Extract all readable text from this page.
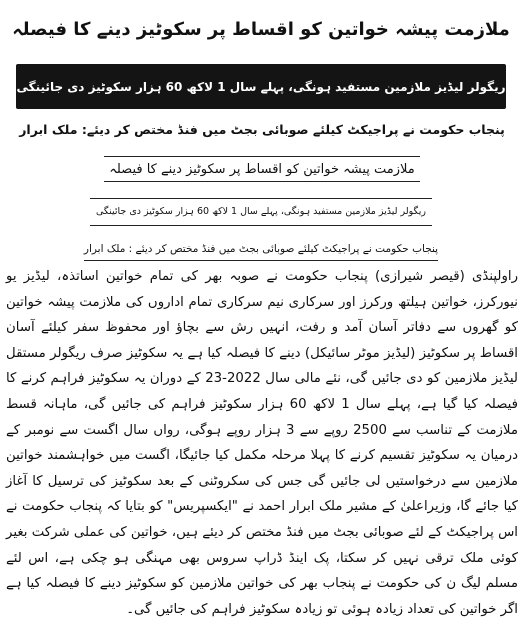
ملازمت پیشہ خواتین کو اقساط پر سکوٹیز دینے کا فیصلہ
ریگولر لیڈیز ملازمین مستفید ہونگی، پہلے سال 1 لاکھ 60 ہزار سکوٹیز دی جائینگی
پنجاب حکومت نے پراجیکٹ کیلئے صوبائی بجٹ میں فنڈ مختص کر دیئے: ملک ابرار
ملازمت پیشہ خواتین کو اقساط پر سکوٹیز دینے کا فیصلہ
ریگولر لیڈیز ملازمین مستفید ہونگی، پہلے سال 1 لاکھ 60 ہزار سکوٹیز دی جائینگی
پنجاب حکومت نے پراجیکٹ کیلئے صوبائی بجٹ میں فنڈ مختص کر دیئے : ملک ابرار

راولپنڈی (قیصر شیرازی) پنجاب حکومت نے صوبہ بھر کی تمام خواتین اساتذہ، لیڈیز یو نیورکرز، خواتین ہیلتھ ورکرز اور سرکاری نیم سرکاری تمام اداروں کی ملازمت پیشہ خواتین کو گھروں سے دفاتر آسان آمد و رفت، انہیں رش سے بچاؤ اور محفوظ سفر کیلئے آسان اقساط پر سکوٹیز (لیڈیز موٹر سائیکل) دینے کا فیصلہ کیا ہے یہ سکوٹیز صرف ریگولر مستقل لیڈیز ملازمین کو دی جائیں گی، نئے مالی سال 2022-23 کے دوران یہ سکوٹیز فراہم کرنے کا فیصلہ کیا گیا ہے، پہلے سال 1 لاکھ 60 ہزار سکوٹیز فراہم کی جائیں گی، ماہانہ قسط ملازمت کے تناسب سے 2500 روپے سے 3 ہزار روپے ہوگی، رواں سال اگست سے نومبر کے درمیان یہ سکوٹیز تقسیم کرنے کا پہلا مرحلہ مکمل کیا جائیگا، اگست میں خواہشمند خواتین ملازمین سے درخواستیں لی جائیں گی جس کی سکروٹنی کے بعد سکوٹیز کی ترسیل کا آغاز کیا جائے گا، وزیراعلیٰ کے مشیر ملک ابرار احمد نے "ایکسپریس" کو بتایا کہ پنجاب حکومت نے اس پراجیکٹ کے لئے صوبائی بجٹ میں فنڈ مختص کر دیئے ہیں، خواتین کی عملی شرکت بغیر کوئی ملک ترقی نہیں کر سکتا، پک اینڈ ڈراپ سروس بھی مہنگی ہو چکی ہے، اس لئے مسلم لیگ ن کی حکومت نے پنجاب بھر کی خواتین ملازمین کو سکوٹیز دینے کا فیصلہ کیا ہے اگر خواتین کی تعداد زیادہ ہوئی تو زیادہ سکوٹیز فراہم کی جائیں گی۔
